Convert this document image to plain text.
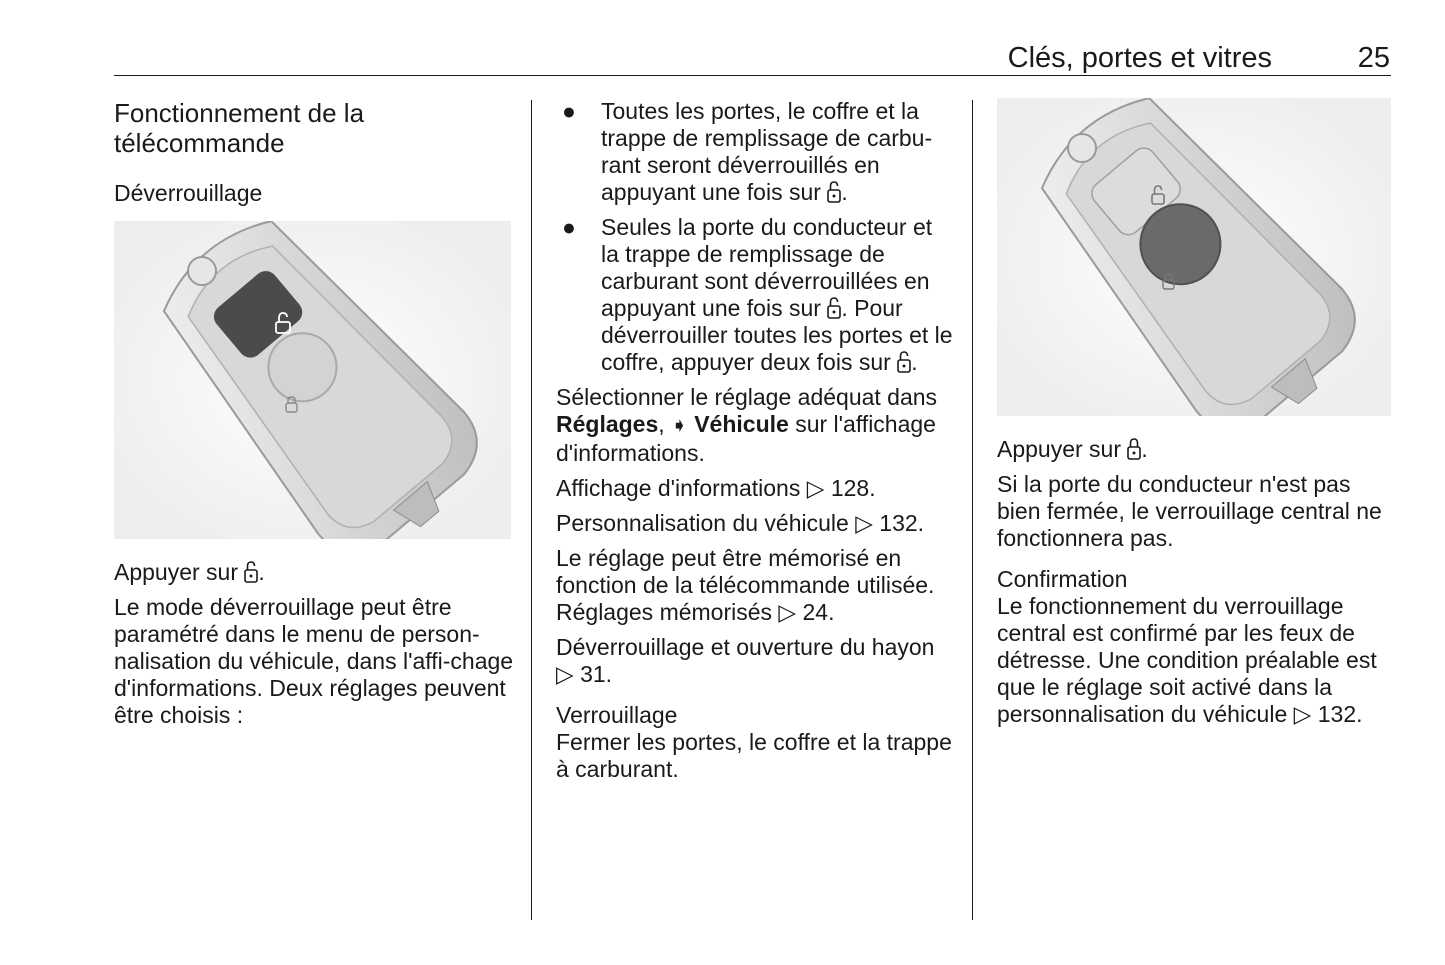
Clés, portes et vitres	25
Fonctionnement de la télécommande
Déverrouillage

Appuyer sur .

Le mode déverrouillage peut être paramétré dans le menu de person-nalisation du véhicule, dans l'affi-chage d'informations. Deux réglages peuvent être choisis :

● Toutes les portes, le coffre et la trappe de remplissage de carbu-rant seront déverrouillés en appuyant une fois sur .
● Seules la porte du conducteur et la trappe de remplissage de carburant sont déverrouillées en appuyant une fois sur . Pour déverrouiller toutes les portes et le coffre, appuyer deux fois sur .

Sélectionner le réglage adéquat dans Réglages, ➧ Véhicule sur l'affichage d'informations.

Affichage d'informations ▷ 128.

Personnalisation du véhicule ▷ 132.

Le réglage peut être mémorisé en fonction de la télécommande utilisée. Réglages mémorisés ▷ 24.

Déverrouillage et ouverture du hayon
▷ 31.

Verrouillage

Fermer les portes, le coffre et la trappe à carburant.

Appuyer sur .

Si la porte du conducteur n'est pas bien fermée, le verrouillage central ne fonctionnera pas.

Confirmation

Le fonctionnement du verrouillage central est confirmé par les feux de détresse. Une condition préalable est que le réglage soit activé dans la personnalisation du véhicule ▷ 132.
